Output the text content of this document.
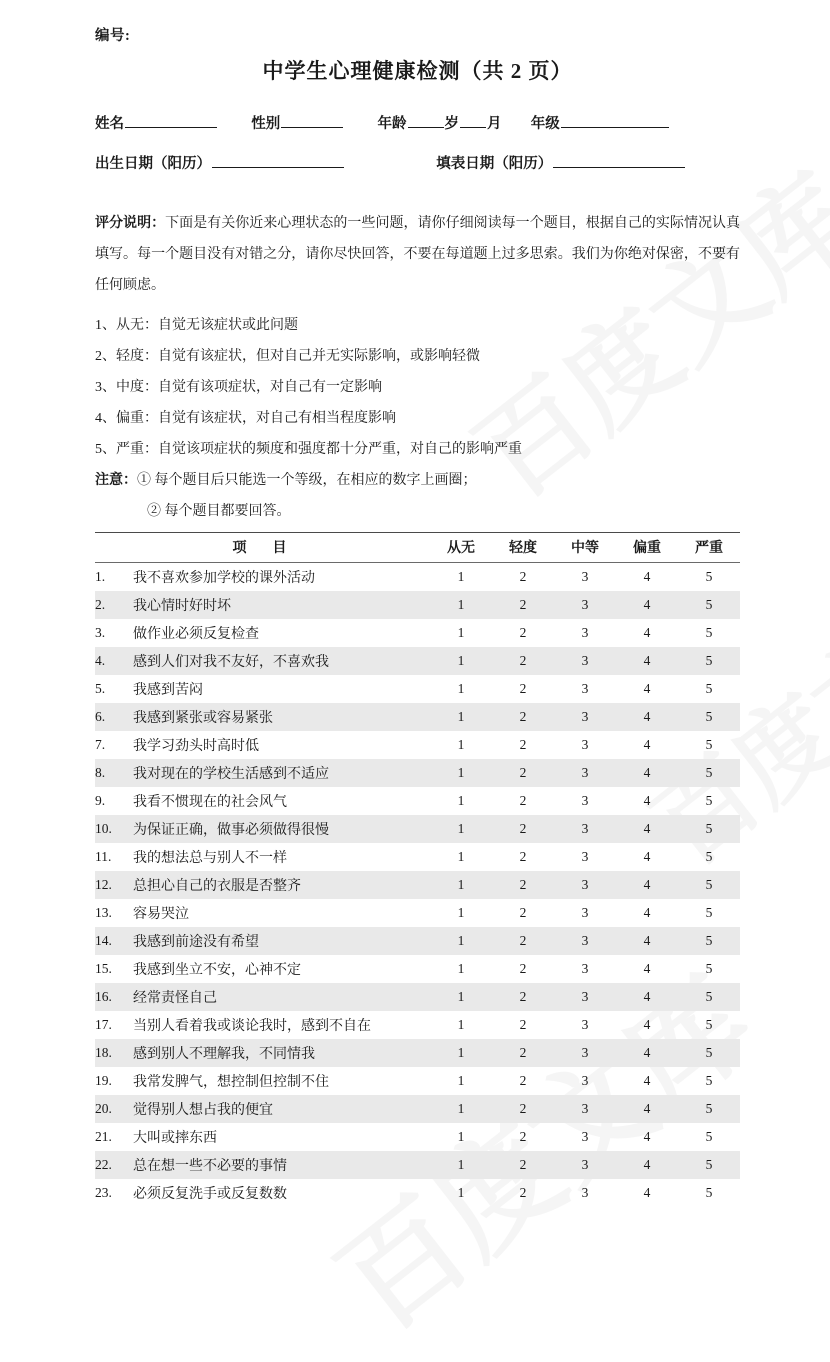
编号:
中学生心理健康检测（共 2 页）
姓名	性别	年龄	岁 月 年级
出生日期（阳历）	填表日期（阳历）
评分说明：下面是有关你近来心理状态的一些问题，请你仔细阅读每一个题目，根据自己的实际情况认真填写。每一个题目没有对错之分，请你尽快回答，不要在每道题上过多思索。我们为你绝对保密，不要有任何顾虑。
1、从无：自觉无该症状或此问题
2、轻度：自觉有该症状，但对自己并无实际影响，或影响轻微
3、中度：自觉有该项症状，对自己有一定影响
4、偏重：自觉有该症状，对自己有相当程度影响
5、严重：自觉该项症状的频度和强度都十分严重，对自己的影响严重
注意：① 每个题目后只能选一个等级，在相应的数字上画圈；
② 每个题目都要回答。
项　目		从无	轻度	中等	偏重	严重
1.	我不喜欢参加学校的课外活动	1	2	3	4	5
2.	我心情时好时坏	1	2	3	4	5
3.	做作业必须反复检查	1	2	3	4	5
4.	感到人们对我不友好，不喜欢我	1	2	3	4	5
5.	我感到苦闷	1	2	3	4	5
6.	我感到紧张或容易紧张	1	2	3	4	5
7.	我学习劲头时高时低	1	2	3	4	5
8.	我对现在的学校生活感到不适应	1	2	3	4	5
9.	我看不惯现在的社会风气	1	2	3	4	5
10.	为保证正确，做事必须做得很慢	1	2	3	4	5
11.	我的想法总与别人不一样	1	2	3	4	5
12.	总担心自己的衣服是否整齐	1	2	3	4	5
13.	容易哭泣	1	2	3	4	5
14.	我感到前途没有希望	1	2	3	4	5
15.	我感到坐立不安，心神不定	1	2	3	4	5
16.	经常责怪自己	1	2	3	4	5
17.	当别人看着我或谈论我时，感到不自在	1	2	3	4	5
18.	感到别人不理解我，不同情我	1	2	3	4	5
19.	我常发脾气，想控制但控制不住	1	2	3	4	5
20.	觉得别人想占我的便宜	1	2	3	4	5
21.	大叫或摔东西	1	2	3	4	5
22.	总在想一些不必要的事情	1	2	3	4	5
23.	必须反复洗手或反复数数	1	2	3	4	5
